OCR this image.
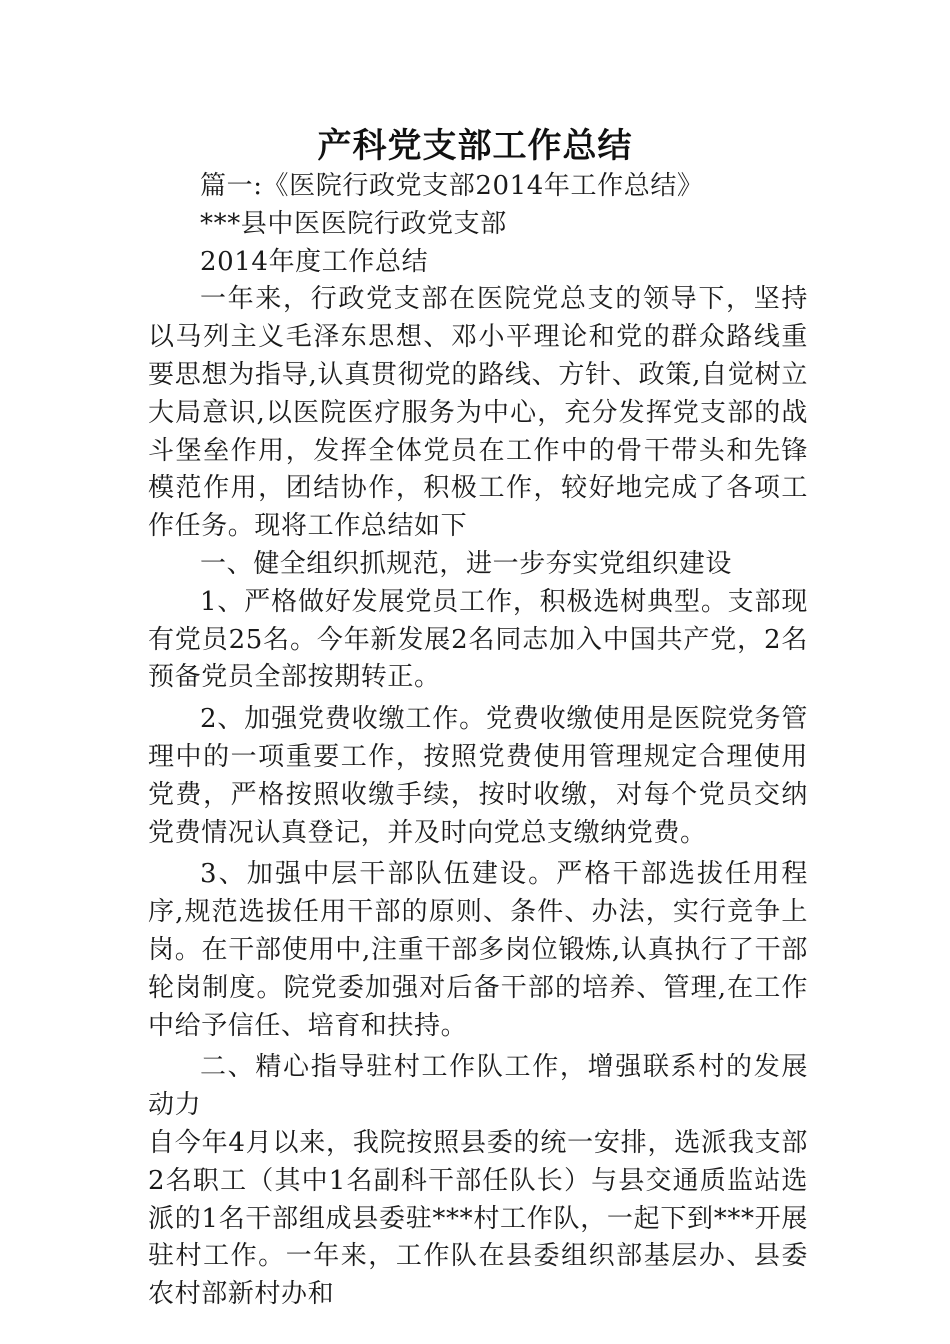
产科党支部工作总结

篇一:《医院行政党支部2014年工作总结》

***县中医医院行政党支部

2014年度工作总结

一年来，行政党支部在医院党总支的领导下，坚持以马列主义毛泽东思想、邓小平理论和党的群众路线重要思想为指导,认真贯彻党的路线、方针、政策,自觉树立大局意识,以医院医疗服务为中心，充分发挥党支部的战斗堡垒作用，发挥全体党员在工作中的骨干带头和先锋模范作用，团结协作，积极工作，较好地完成了各项工作任务。现将工作总结如下

一、健全组织抓规范，进一步夯实党组织建设

1、严格做好发展党员工作，积极选树典型。支部现有党员25名。今年新发展2名同志加入中国共产党，2名预备党员全部按期转正。

2、加强党费收缴工作。党费收缴使用是医院党务管理中的一项重要工作，按照党费使用管理规定合理使用党费，严格按照收缴手续，按时收缴，对每个党员交纳党费情况认真登记，并及时向党总支缴纳党费。

3、加强中层干部队伍建设。严格干部选拔任用程序,规范选拔任用干部的原则、条件、办法，实行竞争上岗。在干部使用中,注重干部多岗位锻炼,认真执行了干部轮岗制度。院党委加强对后备干部的培养、管理,在工作中给予信任、培育和扶持。

二、精心指导驻村工作队工作，增强联系村的发展动力

自今年4月以来，我院按照县委的统一安排，选派我支部2名职工（其中1名副科干部任队长）与县交通质监站选派的1名干部组成县委驻***村工作队，一起下到***开展驻村工作。一年来，工作队在县委组织部基层办、县委农村部新村办和
